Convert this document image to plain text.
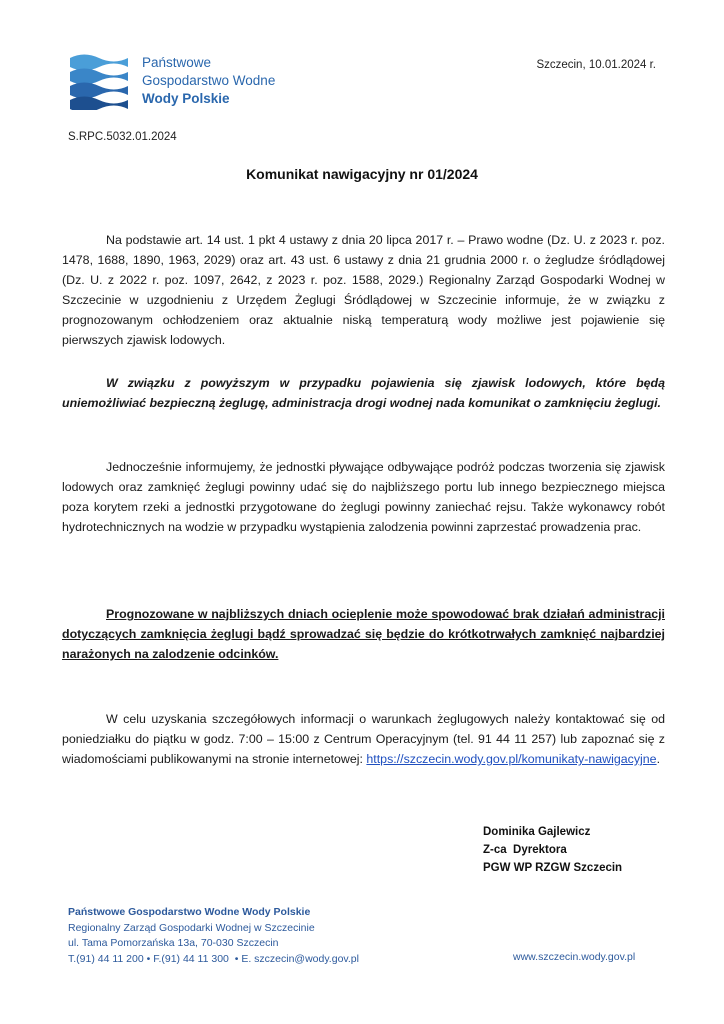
Państwowe
Gospodarstwo Wodne
Wody Polskie
Szczecin, 10.01.2024 r.
S.RPC.5032.01.2024
Komunikat nawigacyjny nr 01/2024
Na podstawie art. 14 ust. 1 pkt 4 ustawy z dnia 20 lipca 2017 r. – Prawo wodne (Dz. U. z 2023 r. poz. 1478, 1688, 1890, 1963, 2029) oraz art. 43 ust. 6 ustawy z dnia 21 grudnia 2000 r. o żegludze śródlądowej (Dz. U. z 2022 r. poz. 1097, 2642, z 2023 r. poz. 1588, 2029.) Regionalny Zarząd Gospodarki Wodnej w Szczecinie w uzgodnieniu z Urzędem Żeglugi Śródlądowej w Szczecinie informuje, że w związku z prognozowanym ochłodzeniem oraz aktualnie niską temperaturą wody możliwe jest pojawienie się pierwszych zjawisk lodowych.
W związku z powyższym w przypadku pojawienia się zjawisk lodowych, które będą uniemożliwiać bezpieczną żeglugę, administracja drogi wodnej nada komunikat o zamknięciu żeglugi.
Jednocześnie informujemy, że jednostki pływające odbywające podróż podczas tworzenia się zjawisk lodowych oraz zamknięć żeglugi powinny udać się do najbliższego portu lub innego bezpiecznego miejsca poza korytem rzeki a jednostki przygotowane do żeglugi powinny zaniechać rejsu. Także wykonawcy robót hydrotechnicznych na wodzie w przypadku wystąpienia zalodzenia powinni zaprzestać prowadzenia prac.
Prognozowane w najbliższych dniach ocieplenie może spowodować brak działań administracji dotyczących zamknięcia żeglugi bądź sprowadzać się będzie do krótkotrwałych zamknięć najbardziej narażonych na zalodzenie odcinków.
W celu uzyskania szczegółowych informacji o warunkach żeglugowych należy kontaktować się od poniedziałku do piątku w godz. 7:00 – 15:00 z Centrum Operacyjnym (tel. 91 44 11 257) lub zapoznać się z wiadomościami publikowanymi na stronie internetowej: https://szczecin.wody.gov.pl/komunikaty-nawigacyjne.
Dominika Gajlewicz
Z-ca  Dyrektora
PGW WP RZGW Szczecin
Państwowe Gospodarstwo Wodne Wody Polskie
Regionalny Zarząd Gospodarki Wodnej w Szczecinie
ul. Tama Pomorzańska 13a, 70-030 Szczecin
T.(91) 44 11 200 • F.(91) 44 11 300  • E. szczecin@wody.gov.pl	www.szczecin.wody.gov.pl
